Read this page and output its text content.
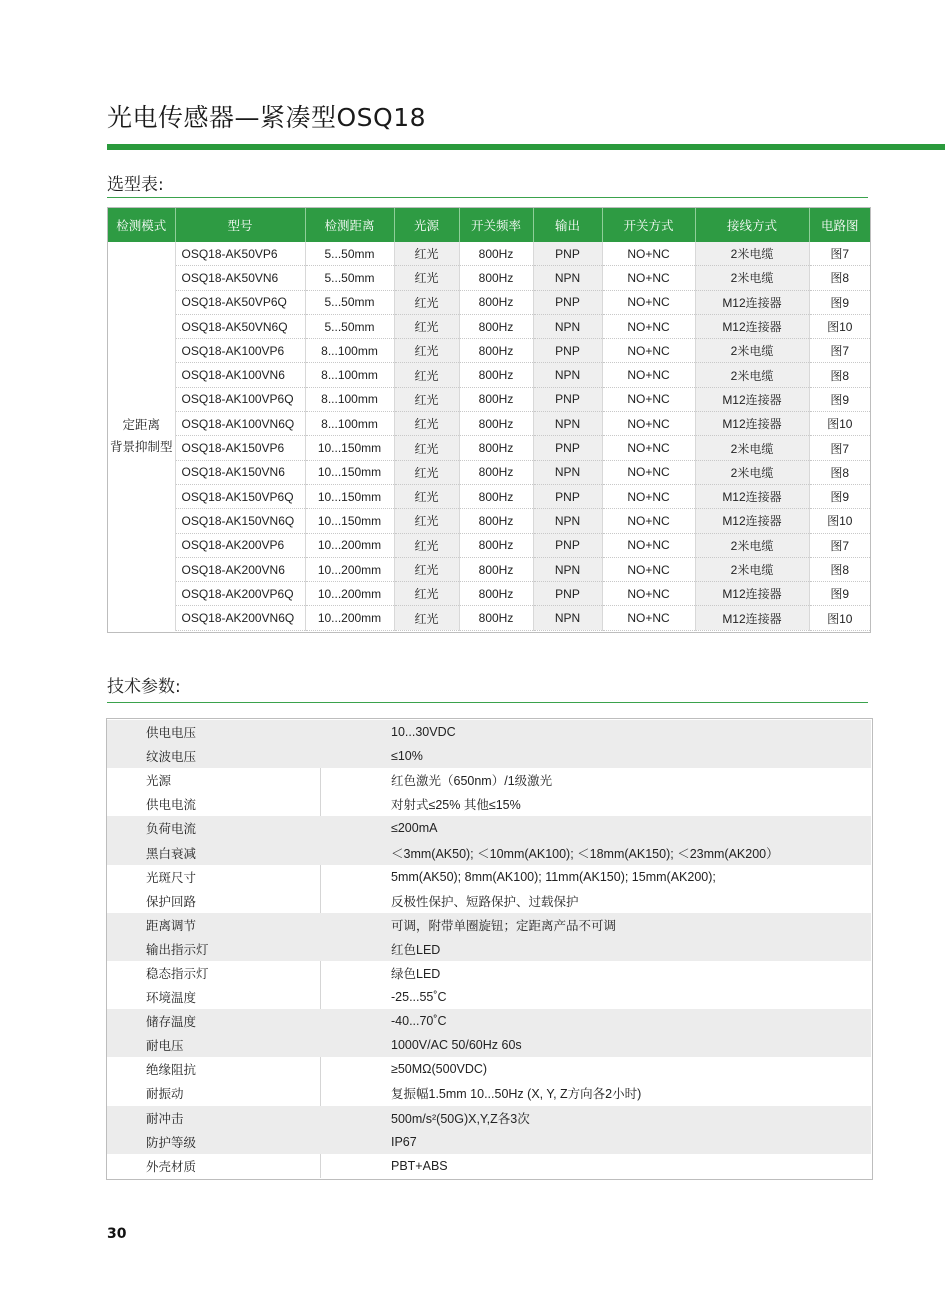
光电传感器—紧凑型OSQ18
选型表:
检测模式	型号	检测距离	光源	开关频率	输出	开关方式	接线方式	电路图

定距离
背景抑制型	OSQ18-AK50VP6	5...50mm	红光	800Hz	PNP	NO+NC	2米电缆	图7
	OSQ18-AK50VN6	5...50mm	红光	800Hz	NPN	NO+NC	2米电缆	图8
	OSQ18-AK50VP6Q	5...50mm	红光	800Hz	PNP	NO+NC	M12连接器	图9
	OSQ18-AK50VN6Q	5...50mm	红光	800Hz	NPN	NO+NC	M12连接器	图10
	OSQ18-AK100VP6	8...100mm	红光	800Hz	PNP	NO+NC	2米电缆	图7
	OSQ18-AK100VN6	8...100mm	红光	800Hz	NPN	NO+NC	2米电缆	图8
	OSQ18-AK100VP6Q	8...100mm	红光	800Hz	PNP	NO+NC	M12连接器	图9
	OSQ18-AK100VN6Q	8...100mm	红光	800Hz	NPN	NO+NC	M12连接器	图10
	OSQ18-AK150VP6	10...150mm	红光	800Hz	PNP	NO+NC	2米电缆	图7
	OSQ18-AK150VN6	10...150mm	红光	800Hz	NPN	NO+NC	2米电缆	图8
	OSQ18-AK150VP6Q	10...150mm	红光	800Hz	PNP	NO+NC	M12连接器	图9
	OSQ18-AK150VN6Q	10...150mm	红光	800Hz	NPN	NO+NC	M12连接器	图10
	OSQ18-AK200VP6	10...200mm	红光	800Hz	PNP	NO+NC	2米电缆	图7
	OSQ18-AK200VN6	10...200mm	红光	800Hz	NPN	NO+NC	2米电缆	图8
	OSQ18-AK200VP6Q	10...200mm	红光	800Hz	PNP	NO+NC	M12连接器	图9
	OSQ18-AK200VN6Q	10...200mm	红光	800Hz	NPN	NO+NC	M12连接器	图10
技术参数:
供电电压	10...30VDC
纹波电压	≤10%
光源	红色激光（650nm）/1级激光
供电电流	对射式≤25% 其他≤15%
负荷电流	≤200mA
黑白衰减	＜3mm(AK50); ＜10mm(AK100); ＜18mm(AK150); ＜23mm(AK200）
光斑尺寸	5mm(AK50); 8mm(AK100); 11mm(AK150); 15mm(AK200);
保护回路	反极性保护、短路保护、过载保护
距离调节	可调，附带单圈旋钮；定距离产品不可调
输出指示灯	红色LED
稳态指示灯	绿色LED
环境温度	-25...55˚C
储存温度	-40...70˚C
耐电压	1000V/AC 50/60Hz 60s
绝缘阻抗	≥50MΩ(500VDC)
耐振动	复振幅1.5mm 10...50Hz (X, Y, Z方向各2小时)
耐冲击	500m/s²(50G)X,Y,Z各3次
防护等级	IP67
外壳材质	PBT+ABS
30
